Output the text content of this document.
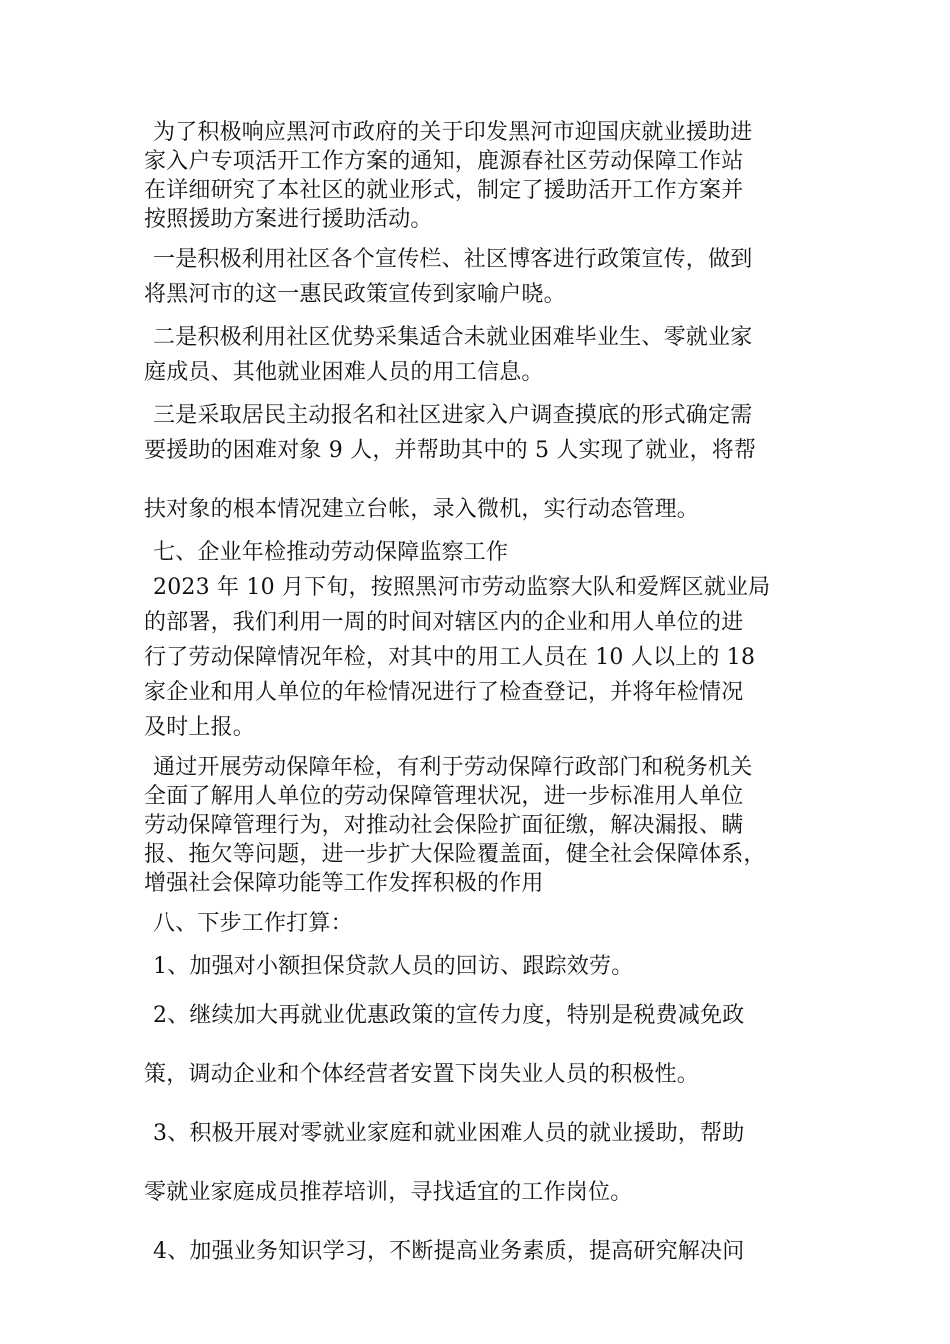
为了积极响应黑河市政府的关于印发黑河市迎国庆就业援助进
家入户专项活开工作方案的通知，鹿源春社区劳动保障工作站
在详细研究了本社区的就业形式，制定了援助活开工作方案并
按照援助方案进行援助活动。

一是积极利用社区各个宣传栏、社区博客进行政策宣传，做到
将黑河市的这一惠民政策宣传到家喻户晓。

二是积极利用社区优势采集适合未就业困难毕业生、零就业家
庭成员、其他就业困难人员的用工信息。

三是采取居民主动报名和社区进家入户调查摸底的形式确定需
要援助的困难对象 9 人，并帮助其中的 5 人实现了就业，将帮

扶对象的根本情况建立台帐，录入微机，实行动态管理。

七、企业年检推动劳动保障监察工作

2023 年 10 月下旬，按照黑河市劳动监察大队和爱辉区就业局
的部署，我们利用一周的时间对辖区内的企业和用人单位的进
行了劳动保障情况年检，对其中的用工人员在 10 人以上的 18
家企业和用人单位的年检情况进行了检查登记，并将年检情况
及时上报。

通过开展劳动保障年检，有利于劳动保障行政部门和税务机关
全面了解用人单位的劳动保障管理状况，进一步标准用人单位
劳动保障管理行为，对推动社会保险扩面征缴，解决漏报、瞒
报、拖欠等问题，进一步扩大保险覆盖面，健全社会保障体系，
增强社会保障功能等工作发挥积极的作用

八、下步工作打算：

1、加强对小额担保贷款人员的回访、跟踪效劳。

2、继续加大再就业优惠政策的宣传力度，特别是税费减免政

策，调动企业和个体经营者安置下岗失业人员的积极性。

3、积极开展对零就业家庭和就业困难人员的就业援助，帮助

零就业家庭成员推荐培训，寻找适宜的工作岗位。

4、加强业务知识学习，不断提高业务素质，提高研究解决问
